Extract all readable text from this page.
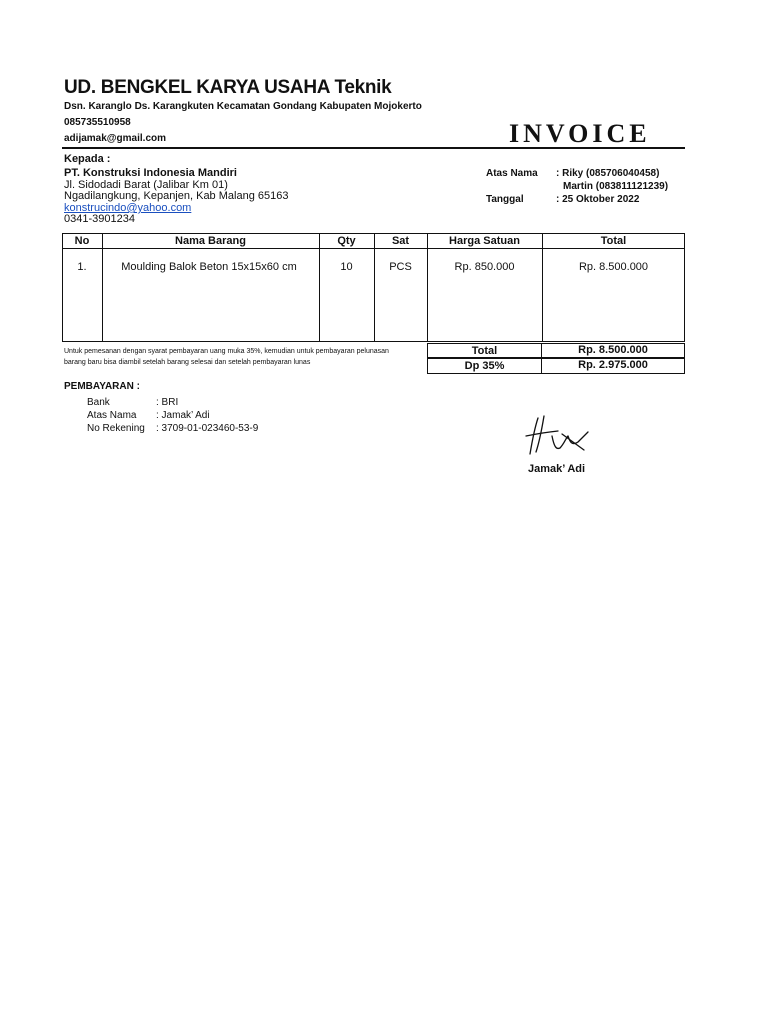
UD. BENGKEL KARYA USAHA Teknik
Dsn. Karanglo Ds. Karangkuten Kecamatan Gondang Kabupaten Mojokerto
085735510958
adijamak@gmail.com	INVOICE
Kepada :
PT. Konstruksi Indonesia Mandiri
Jl. Sidodadi Barat (Jalibar Km 01)
Ngadilangkung, Kepanjen, Kab Malang 65163
konstrucindo@yahoo.com
0341-3901234
Atas Nama : Riky (085706040458)
Martin (083811121239)
Tanggal	: 25 Oktober 2022
No	Nama Barang	Qty	Sat	Harga Satuan	Total
1.	Moulding Balok Beton 15x15x60 cm	10	PCS	Rp. 850.000	Rp. 8.500.000
Untuk pemesanan dengan syarat pembayaran uang muka 35%, kemudian untuk pembayaran pelunasan
barang baru bisa diambil setelah barang selesai dan setelah pembayaran lunas
Total	Rp. 8.500.000
Dp 35%	Rp. 2.975.000
PEMBAYARAN :
Bank	: BRI
Atas Nama : Jamak’ Adi
No Rekening : 3709-01-023460-53-9
Jamak’ Adi
